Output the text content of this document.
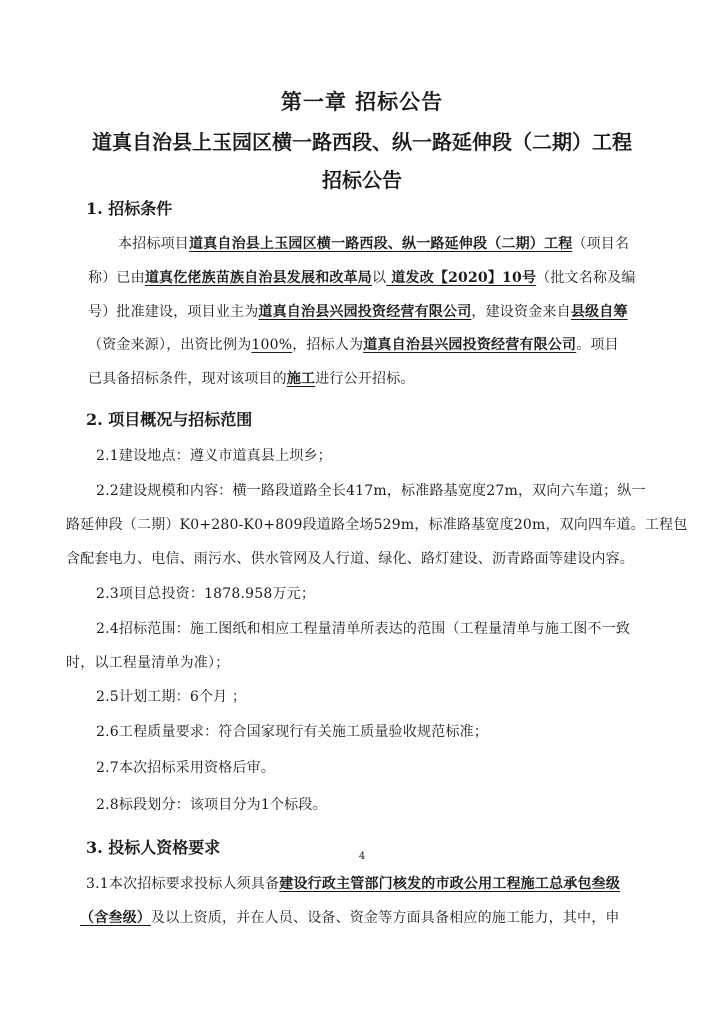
第一章 招标公告
道真自治县上玉园区横一路西段、纵一路延伸段（二期）工程
招标公告
1. 招标条件
本招标项目道真自治县上玉园区横一路西段、纵一路延伸段（二期）工程（项目名
称）已由道真仡佬族苗族自治县发展和改革局以 道发改【2020】10号（批文名称及编
号）批准建设，项目业主为道真自治县兴园投资经营有限公司，建设资金来自县级自筹
（资金来源），出资比例为100%，招标人为道真自治县兴园投资经营有限公司。项目
已具备招标条件，现对该项目的施工进行公开招标。
2. 项目概况与招标范围
2.1建设地点：遵义市道真县上坝乡；
2.2建设规模和内容：横一路段道路全长417m，标准路基宽度27m，双向六车道；纵一
路延伸段（二期）K0+280-K0+809段道路全场529m，标准路基宽度20m，双向四车道。工程包
含配套电力、电信、雨污水、供水管网及人行道、绿化、路灯建设、沥青路面等建设内容。
2.3项目总投资：1878.958万元；
2.4招标范围：施工图纸和相应工程量清单所表达的范围（工程量清单与施工图不一致
时，以工程量清单为准）；
2.5计划工期：6个月 ；
2.6工程质量要求：符合国家现行有关施工质量验收规范标准；
2.7本次招标采用资格后审。
2.8标段划分：该项目分为1个标段。
3. 投标人资格要求	4
3.1本次招标要求投标人须具备建设行政主管部门核发的市政公用工程施工总承包叁级
（含叁级）及以上资质，并在人员、设备、资金等方面具备相应的施工能力，其中，申
